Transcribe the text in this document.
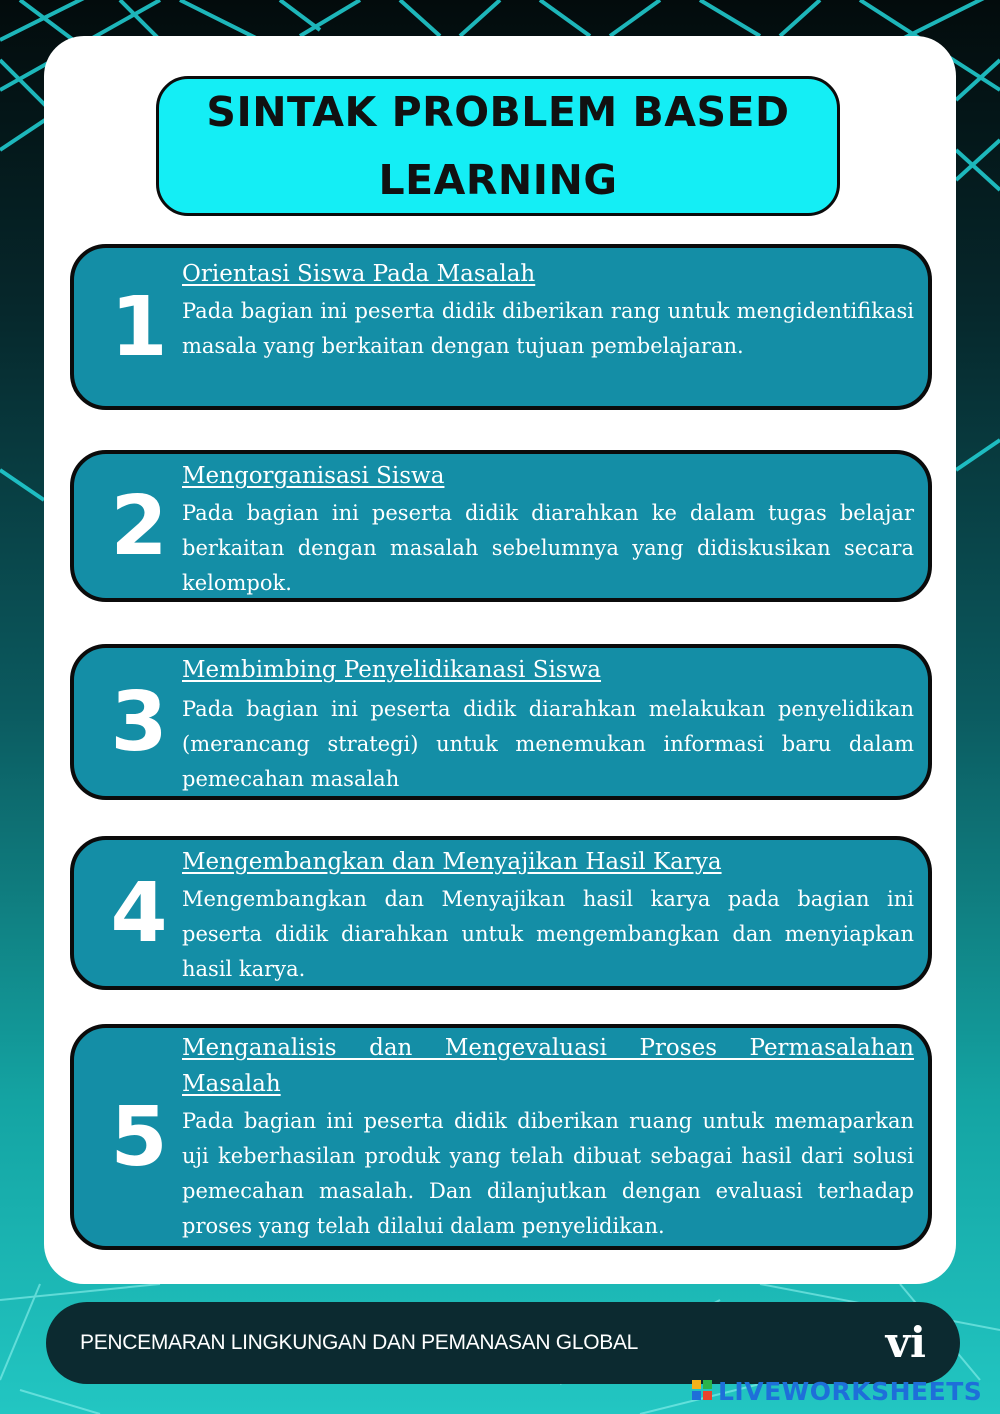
SINTAK PROBLEM BASED LEARNING
1
Orientasi Siswa Pada Masalah
Pada bagian ini peserta didik diberikan rang untuk mengidentifikasi masala yang berkaitan dengan tujuan pembelajaran.
2
Mengorganisasi Siswa
Pada bagian ini peserta didik diarahkan ke dalam tugas belajar berkaitan dengan masalah sebelumnya yang didiskusikan secara kelompok.
3
Membimbing Penyelidikanasi Siswa
Pada bagian ini peserta didik diarahkan melakukan penyelidikan (merancang strategi) untuk menemukan informasi baru dalam pemecahan masalah
4
Mengembangkan dan Menyajikan Hasil Karya
Mengembangkan dan Menyajikan hasil karya pada bagian ini peserta didik diarahkan untuk mengembangkan dan menyiapkan hasil karya.
5
Menganalisis dan Mengevaluasi Proses Permasalahan Masalah
Pada bagian ini peserta didik diberikan ruang untuk memaparkan uji keberhasilan produk yang telah dibuat sebagai hasil dari solusi pemecahan masalah. Dan dilanjutkan dengan evaluasi terhadap proses yang telah dilalui dalam penyelidikan.
PENCEMARAN LINGKUNGAN DAN PEMANASAN GLOBAL	vi
LIVEWORKSHEETS
